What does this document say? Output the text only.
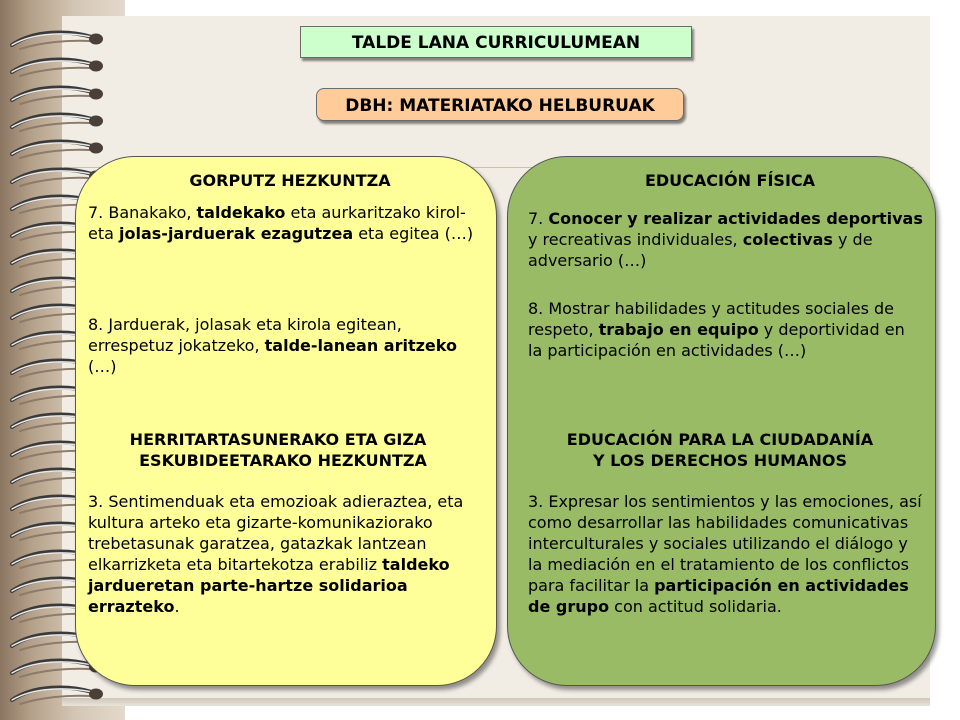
TALDE LANA CURRICULUMEAN
DBH: MATERIATAKO HELBURUAK
GORPUTZ HEZKUNTZA

7. Banakako, taldekako eta aurkaritzako kirol- eta jolas-jarduerak ezagutzea eta egitea (…)

8. Jarduerak, jolasak eta kirola egitean, errespetuz jokatzeko, talde-lanean aritzeko (…)

HERRITARTASUNERAKO ETA GIZA
ESKUBIDEETARAKO HEZKUNTZA

3. Sentimenduak eta emozioak adieraztea, eta kultura arteko eta gizarte-komunikaziorako trebetasunak garatzea, gatazkak lantzean elkarrizketa eta bitartekotza erabiliz taldeko jardueretan parte-hartze solidarioa errazteko.

EDUCACIÓN FÍSICA

7. Conocer y realizar actividades deportivas y recreativas individuales, colectivas y de adversario (…)

8. Mostrar habilidades y actitudes sociales de respeto, trabajo en equipo y deportividad en la participación en actividades (…)

EDUCACIÓN PARA LA CIUDADANÍA
Y LOS DERECHOS HUMANOS

3. Expresar los sentimientos y las emociones, así como desarrollar las habilidades comunicativas interculturales y sociales utilizando el diálogo y la mediación en el tratamiento de los conflictos para facilitar la participación en actividades de grupo con actitud solidaria.
